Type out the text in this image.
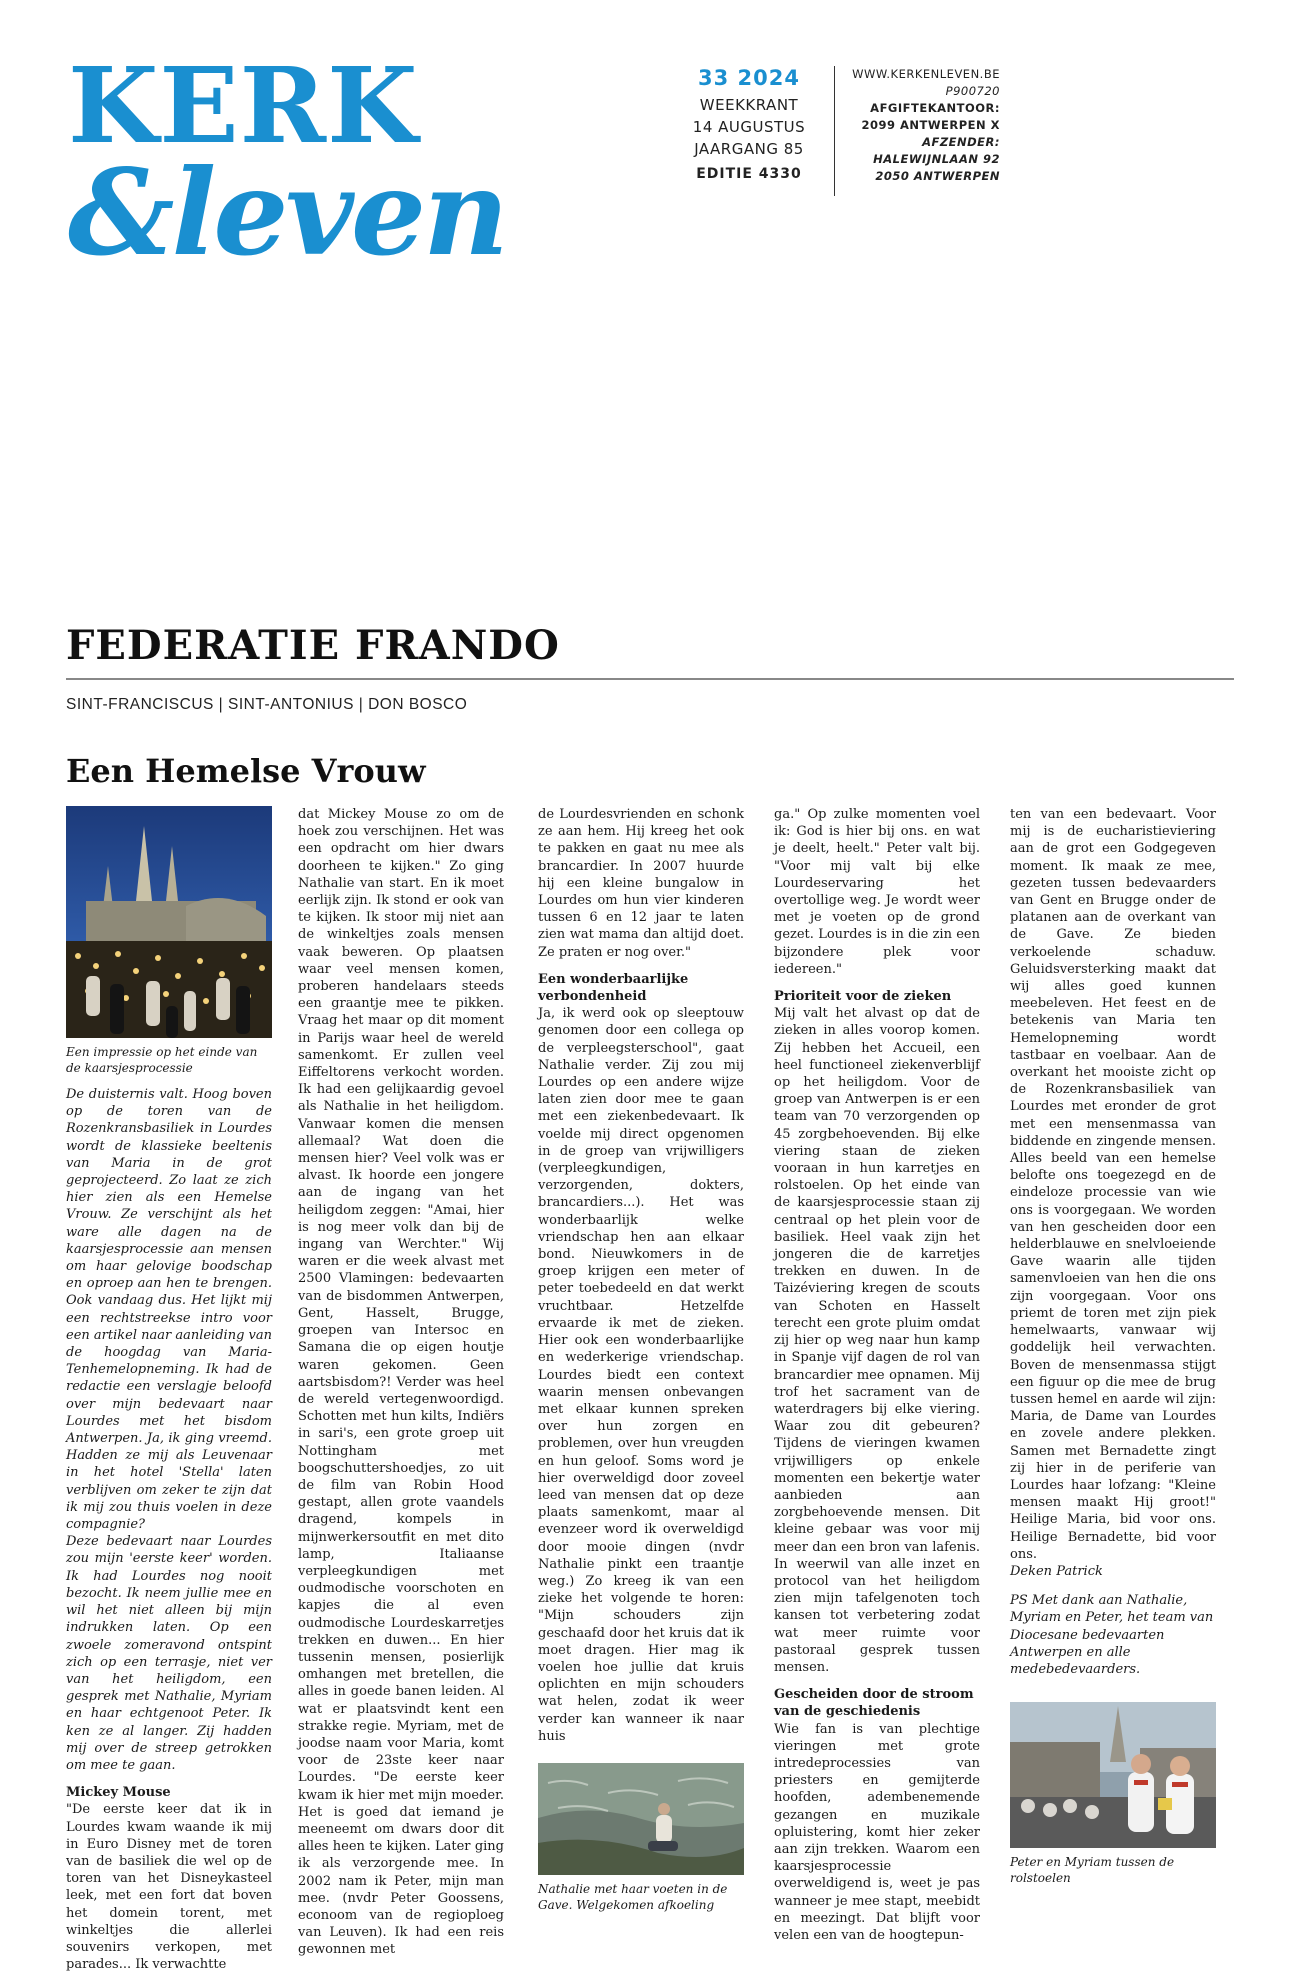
KERK
&leven
33 2024
WEEKKRANT
14 AUGUSTUS
JAARGANG 85
EDITIE 4330
WWW.KERKENLEVEN.BE
P900720
AFGIFTEKANTOOR:
2099 ANTWERPEN X
AFZENDER:
HALEWIJNLAAN 92
2050 ANTWERPEN
FEDERATIE FRANDO
SINT-FRANCISCUS | SINT-ANTONIUS | DON BOSCO
Een Hemelse Vrouw

Een impressie op het einde van de kaarsjesprocessie

De duisternis valt. Hoog boven op de toren van de Rozenkransbasiliek in Lourdes wordt de klassieke beeltenis van Maria in de grot geprojecteerd. Zo laat ze zich hier zien als een Hemelse Vrouw. Ze verschijnt als het ware alle dagen na de kaarsjesprocessie aan mensen om haar gelovige boodschap en oproep aan hen te brengen. Ook vandaag dus. Het lijkt mij een rechtstreekse intro voor een artikel naar aanleiding van de hoogdag van Maria-Tenhemelopneming. Ik had de redactie een verslagje beloofd over mijn bedevaart naar Lourdes met het bisdom Antwerpen. Ja, ik ging vreemd. Hadden ze mij als Leuvenaar in het hotel 'Stella' laten verblijven om zeker te zijn dat ik mij zou thuis voelen in deze compagnie?

Deze bedevaart naar Lourdes zou mijn 'eerste keer' worden. Ik had Lourdes nog nooit bezocht. Ik neem jullie mee en wil het niet alleen bij mijn indrukken laten. Op een zwoele zomeravond ontspint zich op een terrasje, niet ver van het heiligdom, een gesprek met Nathalie, Myriam en haar echtgenoot Peter. Ik ken ze al langer. Zij hadden mij over de streep getrokken om mee te gaan.

Mickey Mouse

"De eerste keer dat ik in Lourdes kwam waande ik mij in Euro Disney met de toren van de basiliek die wel op de toren van het Disneykasteel leek, met een fort dat boven het domein torent, met winkeltjes die allerlei souvenirs verkopen, met parades... Ik verwachtte

dat Mickey Mouse zo om de hoek zou verschijnen. Het was een opdracht om hier dwars doorheen te kijken." Zo ging Nathalie van start. En ik moet eerlijk zijn. Ik stond er ook van te kijken. Ik stoor mij niet aan de winkeltjes zoals mensen vaak beweren. Op plaatsen waar veel mensen komen, proberen handelaars steeds een graantje mee te pikken. Vraag het maar op dit moment in Parijs waar heel de wereld samenkomt. Er zullen veel Eiffeltorens verkocht worden. Ik had een gelijkaardig gevoel als Nathalie in het heiligdom. Vanwaar komen die mensen allemaal? Wat doen die mensen hier? Veel volk was er alvast. Ik hoorde een jongere aan de ingang van het heiligdom zeggen: "Amai, hier is nog meer volk dan bij de ingang van Werchter." Wij waren er die week alvast met 2500 Vlamingen: bedevaarten van de bisdommen Antwerpen, Gent, Hasselt, Brugge, groepen van Intersoc en Samana die op eigen houtje waren gekomen. Geen aartsbisdom?! Verder was heel de wereld vertegenwoordigd. Schotten met hun kilts, Indiërs in sari's, een grote groep uit Nottingham met boogschuttershoedjes, zo uit de film van Robin Hood gestapt, allen grote vaandels dragend, kompels in mijnwerkersoutfit en met dito lamp, Italiaanse verpleegkundigen met oudmodische voorschoten en kapjes die al even oudmodische Lourdeskarretjes trekken en duwen... En hier tussenin mensen, posierlijk omhangen met bretellen, die alles in goede banen leiden. Al wat er plaatsvindt kent een strakke regie. Myriam, met de joodse naam voor Maria, komt voor de 23ste keer naar Lourdes. "De eerste keer kwam ik hier met mijn moeder. Het is goed dat iemand je meeneemt om dwars door dit alles heen te kijken. Later ging ik als verzorgende mee. In 2002 nam ik Peter, mijn man mee. (nvdr Peter Goossens, econoom van de regioploeg van Leuven). Ik had een reis gewonnen met

de Lourdesvrienden en schonk ze aan hem. Hij kreeg het ook te pakken en gaat nu mee als brancardier. In 2007 huurde hij een kleine bungalow in Lourdes om hun vier kinderen tussen 6 en 12 jaar te laten zien wat mama dan altijd doet. Ze praten er nog over."

Een wonderbaarlijke verbondenheid

Ja, ik werd ook op sleeptouw genomen door een collega op de verpleegsterschool", gaat Nathalie verder. Zij zou mij Lourdes op een andere wijze laten zien door mee te gaan met een ziekenbedevaart. Ik voelde mij direct opgenomen in de groep van vrijwilligers (verpleegkundigen, verzorgenden, dokters, brancardiers...). Het was wonderbaarlijk welke vriendschap hen aan elkaar bond. Nieuwkomers in de groep krijgen een meter of peter toebedeeld en dat werkt vruchtbaar. Hetzelfde ervaarde ik met de zieken. Hier ook een wonderbaarlijke en wederkerige vriendschap. Lourdes biedt een context waarin mensen onbevangen met elkaar kunnen spreken over hun zorgen en problemen, over hun vreugden en hun geloof. Soms word je hier overweldigd door zoveel leed van mensen dat op deze plaats samenkomt, maar al evenzeer word ik overweldigd door mooie dingen (nvdr Nathalie pinkt een traantje weg.) Zo kreeg ik van een zieke het volgende te horen: "Mijn schouders zijn geschaafd door het kruis dat ik moet dragen. Hier mag ik voelen hoe jullie dat kruis oplichten en mijn schouders wat helen, zodat ik weer verder kan wanneer ik naar huis

Nathalie met haar voeten in de Gave. Welgekomen afkoeling

ga." Op zulke momenten voel ik: God is hier bij ons. en wat je deelt, heelt." Peter valt bij. "Voor mij valt bij elke Lourdeservaring het overtollige weg. Je wordt weer met je voeten op de grond gezet. Lourdes is in die zin een bijzondere plek voor iedereen."

Prioriteit voor de zieken

Mij valt het alvast op dat de zieken in alles voorop komen. Zij hebben het Accueil, een heel functioneel ziekenverblijf op het heiligdom. Voor de groep van Antwerpen is er een team van 70 verzorgenden op 45 zorgbehoevenden. Bij elke viering staan de zieken vooraan in hun karretjes en rolstoelen. Op het einde van de kaarsjesprocessie staan zij centraal op het plein voor de basiliek. Heel vaak zijn het jongeren die de karretjes trekken en duwen. In de Taizéviering kregen de scouts van Schoten en Hasselt terecht een grote pluim omdat zij hier op weg naar hun kamp in Spanje vijf dagen de rol van brancardier mee opnamen. Mij trof het sacrament van de waterdragers bij elke viering. Waar zou dit gebeuren? Tijdens de vieringen kwamen vrijwilligers op enkele momenten een bekertje water aanbieden aan zorgbehoevende mensen. Dit kleine gebaar was voor mij meer dan een bron van lafenis. In weerwil van alle inzet en protocol van het heiligdom zien mijn tafelgenoten toch kansen tot verbetering zodat wat meer ruimte voor pastoraal gesprek tussen mensen.

Gescheiden door de stroom van de geschiedenis

Wie fan is van plechtige vieringen met grote intredeprocessies van priesters en gemijterde hoofden, adembenemende gezangen en muzikale opluistering, komt hier zeker aan zijn trekken. Waarom een kaarsjesprocessie overweldigend is, weet je pas wanneer je mee stapt, meebidt en meezingt. Dat blijft voor velen een van de hoogtepun-

ten van een bedevaart. Voor mij is de eucharistieviering aan de grot een Godgegeven moment. Ik maak ze mee, gezeten tussen bedevaarders van Gent en Brugge onder de platanen aan de overkant van de Gave. Ze bieden verkoelende schaduw. Geluidsversterking maakt dat wij alles goed kunnen meebeleven. Het feest en de betekenis van Maria ten Hemelopneming wordt tastbaar en voelbaar. Aan de overkant het mooiste zicht op de Rozenkransbasiliek van Lourdes met eronder de grot met een mensenmassa van biddende en zingende mensen. Alles beeld van een hemelse belofte ons toegezegd en de eindeloze processie van wie ons is voorgegaan. We worden van hen gescheiden door een helderblauwe en snelvloeiende Gave waarin alle tijden samenvloeien van hen die ons zijn voorgegaan. Voor ons priemt de toren met zijn piek hemelwaarts, vanwaar wij goddelijk heil verwachten. Boven de mensenmassa stijgt een figuur op die mee de brug tussen hemel en aarde wil zijn: Maria, de Dame van Lourdes en zovele andere plekken. Samen met Bernadette zingt zij hier in de periferie van Lourdes haar lofzang: "Kleine mensen maakt Hij groot!" Heilige Maria, bid voor ons. Heilige Bernadette, bid voor ons.

Deken Patrick

PS Met dank aan Nathalie, Myriam en Peter, het team van Diocesane bedevaarten Antwerpen en alle medebedevaarders.

Peter en Myriam tussen de rolstoelen
